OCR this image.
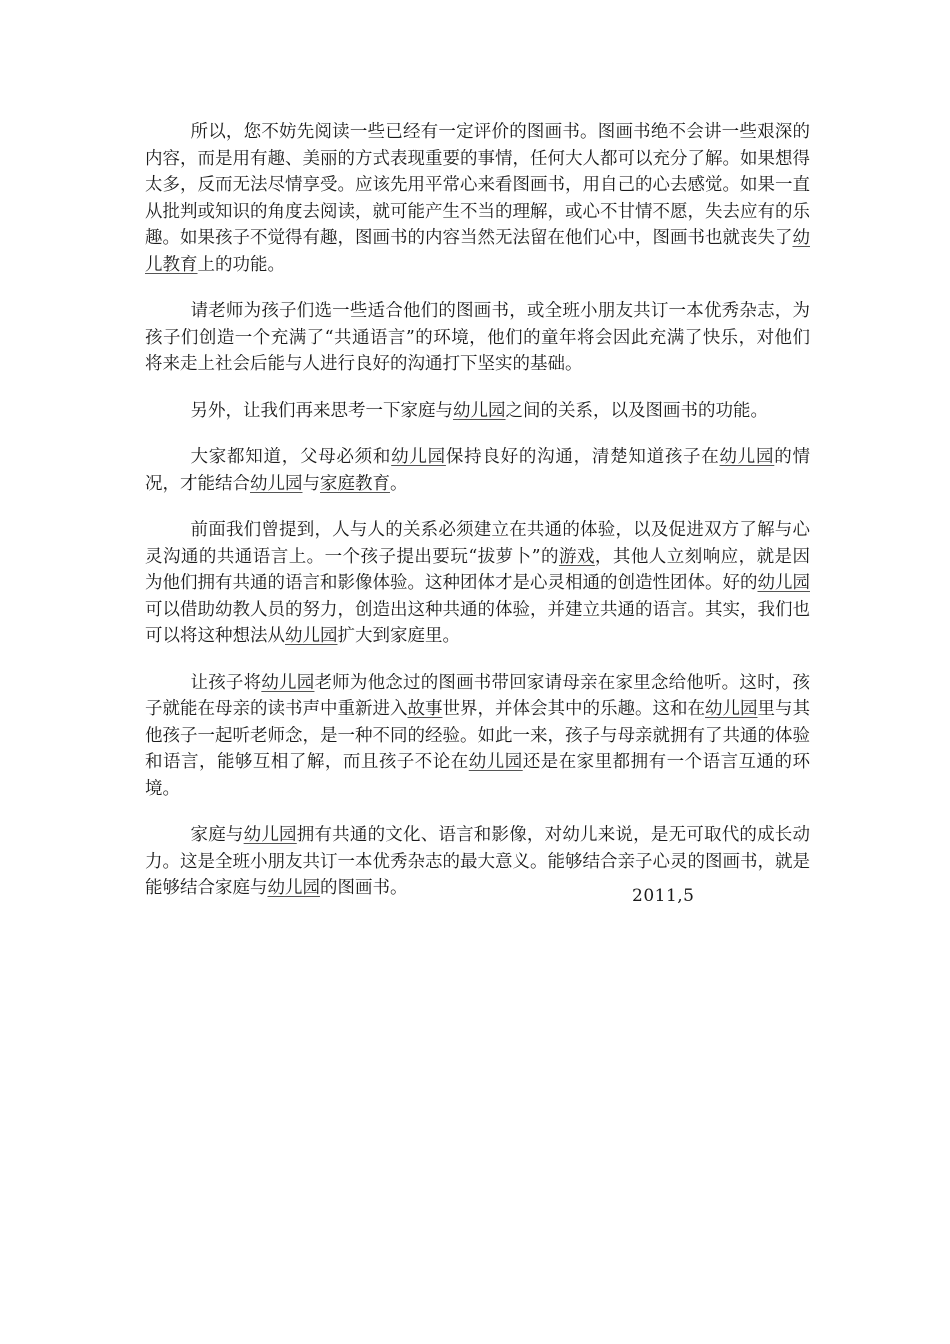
所以，您不妨先阅读一些已经有一定评价的图画书。图画书绝不会讲一些艰深的内容，而是用有趣、美丽的方式表现重要的事情，任何大人都可以充分了解。如果想得太多，反而无法尽情享受。应该先用平常心来看图画书，用自己的心去感觉。如果一直从批判或知识的角度去阅读，就可能产生不当的理解，或心不甘情不愿，失去应有的乐趣。如果孩子不觉得有趣，图画书的内容当然无法留在他们心中，图画书也就丧失了幼儿教育上的功能。

请老师为孩子们选一些适合他们的图画书，或全班小朋友共订一本优秀杂志，为孩子们创造一个充满了“共通语言”的环境，他们的童年将会因此充满了快乐，对他们将来走上社会后能与人进行良好的沟通打下坚实的基础。

另外，让我们再来思考一下家庭与幼儿园之间的关系，以及图画书的功能。

大家都知道，父母必须和幼儿园保持良好的沟通，清楚知道孩子在幼儿园的情况，才能结合幼儿园与家庭教育。

前面我们曾提到，人与人的关系必须建立在共通的体验，以及促进双方了解与心灵沟通的共通语言上。一个孩子提出要玩“拔萝卜”的游戏，其他人立刻响应，就是因为他们拥有共通的语言和影像体验。这种团体才是心灵相通的创造性团体。好的幼儿园可以借助幼教人员的努力，创造出这种共通的体验，并建立共通的语言。其实，我们也可以将这种想法从幼儿园扩大到家庭里。

让孩子将幼儿园老师为他念过的图画书带回家请母亲在家里念给他听。这时，孩子就能在母亲的读书声中重新进入故事世界，并体会其中的乐趣。这和在幼儿园里与其他孩子一起听老师念，是一种不同的经验。如此一来，孩子与母亲就拥有了共通的体验和语言，能够互相了解，而且孩子不论在幼儿园还是在家里都拥有一个语言互通的环境。

家庭与幼儿园拥有共通的文化、语言和影像，对幼儿来说，是无可取代的成长动力。这是全班小朋友共订一本优秀杂志的最大意义。能够结合亲子心灵的图画书，就是能够结合家庭与幼儿园的图画书。	2011,5
